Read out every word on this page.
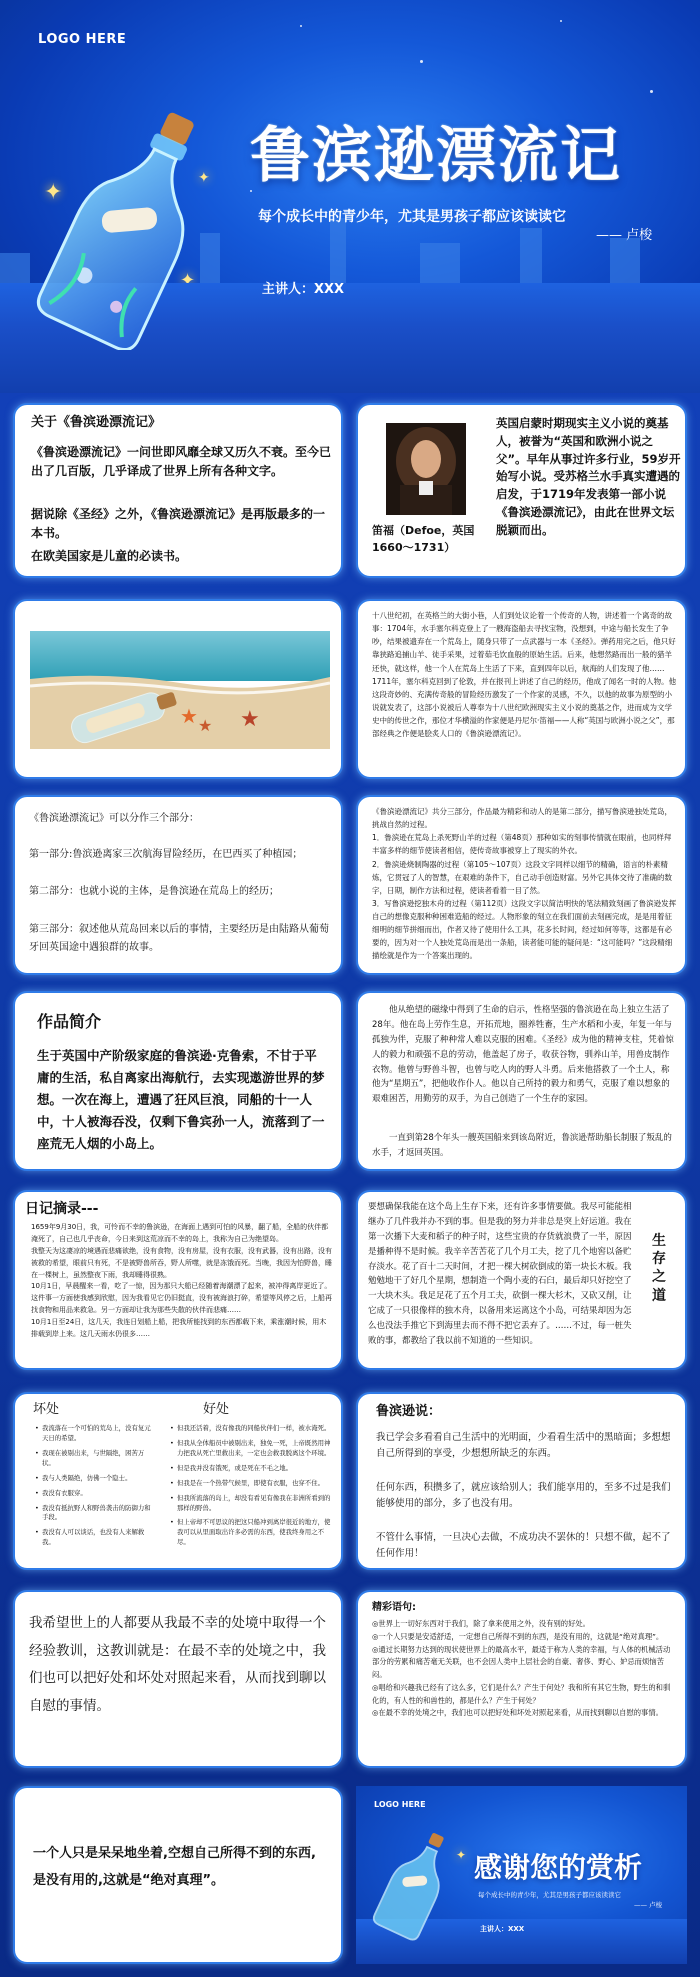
✦
✦
LOGO HERE
鲁滨逊漂流记
每个成长中的青少年，尤其是男孩子都应该读读它
—— 卢梭
主讲人：XXX
关于《鲁滨逊漂流记》
《鲁滨逊漂流记》一问世即风靡全球又历久不衰。至今已出了几百版，几乎译成了世界上所有各种文字。
据说除《圣经》之外，《鲁滨逊漂流记》是再版最多的一本书。
在欧美国家是儿童的必读书。
笛福（Defoe，英国1660～1731）
英国启蒙时期现实主义小说的奠基人，被誉为“英国和欧洲小说之父”。早年从事过许多行业，59岁开始写小说。受苏格兰水手真实遭遇的启发，于1719年发表第一部小说《鲁滨逊漂流记》，由此在世界文坛脱颖而出。
★ ★ ★
十八世纪初，在英格兰的大街小巷，人们到处议论着一个传奇的人物，讲述着一个离奇的故事：1704年，水手塞尔科克登上了一艘海盗船去寻找宝物，没想到，中途与船长发生了争吵，结果被遗弃在一个荒岛上，随身只带了一点武器与一本《圣经》。弹药用完之后，他只好靠狭路追捕山羊、徒手采果，过着茹毛饮血般的原始生活。后来，他想然路而出一般的猎羊还快，就这样，他一个人在荒岛上生活了下来，直到四年以后，航海的人们发现了他……
1711年，塞尔科克回到了伦敦，并在报刊上讲述了自己的经历，他成了闻名一时的人物。他这段奇妙的、充满传奇般的冒险经历激发了一个作家的灵感，不久，以他的故事为原型的小说就发表了，这部小说被后人尊奉为十八世纪欧洲现实主义小说的奠基之作，进而成为文学史中的传世之作，那位才华横溢的作家便是丹尼尔·笛福——人称“英国与欧洲小说之父”，那部经典之作便是脍炙人口的《鲁滨逊漂流记》。
《鲁滨逊漂流记》可以分作三个部分：
第一部分:鲁滨逊离家三次航海冒险经历，在巴西买了种植园；
第二部分：也就小说的主体，是鲁滨逊在荒岛上的经历；
第三部分：叙述他从荒岛回来以后的事情，主要经历是由陆路从葡萄牙回英国途中遇狼群的故事。
《鲁滨逊漂流记》共分三部分，作品最为精彩和动人的是第二部分，描写鲁滨逊独处荒岛，挑战自然的过程。
1．鲁滨逊在荒岛上杀死野山羊的过程（第48页）那种如实的刻事传情就在眼前，也同样拜丰富多样的细节使读者相信，使传奇故事被穿上了现实的外衣。
2．鲁滨逊烧制陶器的过程（第105～107页）这段文字同样以细节的精确，语言的朴素精炼，它贯冠了人的智慧，在艰难的条件下，自己动手创造财富。另外它具体交待了准确的数字，日期，制作方法和过程，使读者看着一目了然。
3．写鲁滨逊挖独木舟的过程（第112页）这段文字以简洁明快的笔法精致刻画了鲁滨逊发挥自己的想像克服种种困难造船的经过。人物形象的刻立在我们面前去刻画完成，是是用着征细明的细节拼细而出，作者又待了使用什么工具，花多长时间，经过如何等等，这都是有必要的，因为对一个人独处荒岛而是出一条船，读者能可能的疑问是：“这可能吗？”这段精细描绘就是作为一个答案出现的。
作品简介
生于英国中产阶级家庭的鲁滨逊·克鲁索，不甘于平庸的生活，私自离家出海航行，去实现遨游世界的梦想。一次在海上，遭遇了狂风巨浪，同船的十一人中，十人被海吞没，仅剩下鲁宾孙一人，流落到了一座荒无人烟的小岛上。
他从绝望的磁缘中得到了生命的启示，性格坚强的鲁滨逊在岛上独立生活了28年。他在岛上劳作生息，开拓荒地，圈养牲畜，生产水稻和小麦，年复一年与孤独为伴，克服了种种常人难以克服的困难。《圣经》成为他的精神支柱，凭着惊人的毅力和顽强不息的劳动，他盖起了房子，收获谷物，驯养山羊，用兽皮制作衣物。他曾与野兽斗智，也曾与吃人肉的野人斗勇。后来他搭救了一个土人，称他为“星期五”，把他收作仆人。他以自己所持的毅力和勇气，克服了难以想象的艰难困苦，用勤劳的双手，为自己创造了一个生存的家园。
一直到第28个年头一艘英国船来到该岛附近，鲁滨逊帮助船长制服了叛乱的水手，才返回英国。
日记摘录---
1659年9月30日，我，可怜而不幸的鲁滨逊，在海面上遇到可怕的风暴，翻了船，全船的伙伴都淹死了，自己也几乎丧命，今日来到这荒凉而不幸的岛上，我称为自己为绝望岛。
我整天为这凄凉的境遇而悲痛欲绝，没有食物，没有房屋，没有衣服，没有武器，没有出路，没有被救的希望，眼前只有死，不是被野兽所吞，野人所噬，就是冻饿而死。当晚，我因为怕野兽，睡在一棵树上，虽然整夜下雨，我却睡得很熟。
10月1日，早晨醒来一看，吃了一惊，因为那只大船已经随着海潮漂了起来，被冲得离岸更近了。这件事一方面使我感到欣慰，因为我看见它仍旧挺直，没有被海浪打碎，希望等风停之后，上船再找食物和用品来救急。另一方面却让我为那些失散的伙伴而悲痛……
10月1日至24日，这几天，我连日划船上船，把我所能找到的东西都载下来，乘涨潮时候，用木排载到岸上来。这几天雨水仍很多……
要想确保我能在这个岛上生存下来，还有许多事情要做。我尽可能能相继办了几件我并办不到的事。但是我的努力并非总是突上好运道。我在第一次播下大麦和稻子的种子时，这些宝贵的存货就浪费了一半，原因是播种得不是时候。我辛辛苦苦花了几个月工夫，挖了几个地窖以备贮存淡水。花了百十二天时间，才把一棵大树砍倒成的第一块长木板。我勉勉地干了好几个星期，想制造一个陶小麦的石臼，最后却只好挖空了一大块木头。我足足花了五个月工夫，砍倒一棵大杉木，又砍又削，让它成了一只很像样的独木舟，以备用来运离这个小岛，可结果却因为怎么也没法手推它下到海里去而不得不把它丢弃了。……不过，每一桩失败的事，都教给了我以前不知道的一些知识。
生存之道
坏处	好处
• 我流落在一个可怕的荒岛上，没有复元天日的希望。
• 我现在被剔出来，与世隔绝，困苦万状。
• 我与人类隔绝，仿佛一个隐士。
• 我没有衣服穿。
• 我没有抵抗野人和野兽袭击的防御力和手段。
• 我没有人可以谈话，也没有人来解救我。
• 但我还活着，没有像我的同船伙伴们一样，被水淹死。
• 但我从全体船员中被剔出来，独免一死，上帝既然用神力把我从死亡里救出来，一定也会救我脱离这个环境。
• 但是我并没有饿死，或是死在不毛之地。
• 但我是在一个热带气候里，即使有衣服，也穿不住。
• 但我所流落的岛上，却没有看见有像我在非洲所看到的那样的野兽。
• 但上帝却不可思议的把这只船冲到离岸很近的地方，使我可以从里面取出许多必需的东西，使我终身用之不尽。
鲁滨逊说：
我已学会多看看自己生活中的光明面，少看看生活中的黑暗面；多想想自己所得到的享受，少想想所缺乏的东西。
任何东西，积攒多了，就应该给别人；我们能享用的，至多不过是我们能够使用的部分，多了也没有用。
不管什么事情，一旦决心去做，不成功决不罢休的！只想不做，起不了任何作用！
我希望世上的人都要从我最不幸的处境中取得一个经验教训，这教训就是：在最不幸的处境之中，我们也可以把好处和坏处对照起来看，从而找到聊以自慰的事情。
精彩语句:
◎世界上一切好东西对于我们，除了拿来使用之外，没有别的好处。
◎一个人只要是安适舒适，一定想自己所得不到的东西，是没有用的，这就是“绝对真理”。
◎通过长期努力达到的现状使世界上的最高水平，最适于称为人类的幸福，与人体的机械活动部分的劳累和痛苦毫无关联，也不会因人类中上层社会的自豪、奢侈、野心、妒忌而烦恼苦闷。
◎唱给和兴趣我已经有了这么多，它们是什么？产生于何处？我和所有其它生物，野生的和驯化的，有人性的和兽性的，都是什么？产生于何处？
◎在最不幸的处境之中，我们也可以把好处和坏处对照起来看，从而找到聊以自慰的事情。
一个人只是呆呆地坐着,空想自己所得不到的东西,是没有用的,这就是“绝对真理”。
LOGO HERE
✦ 感谢您的赏析
每个成长中的青少年，尤其是男孩子都应该读读它
—— 卢梭
主讲人：XXX
